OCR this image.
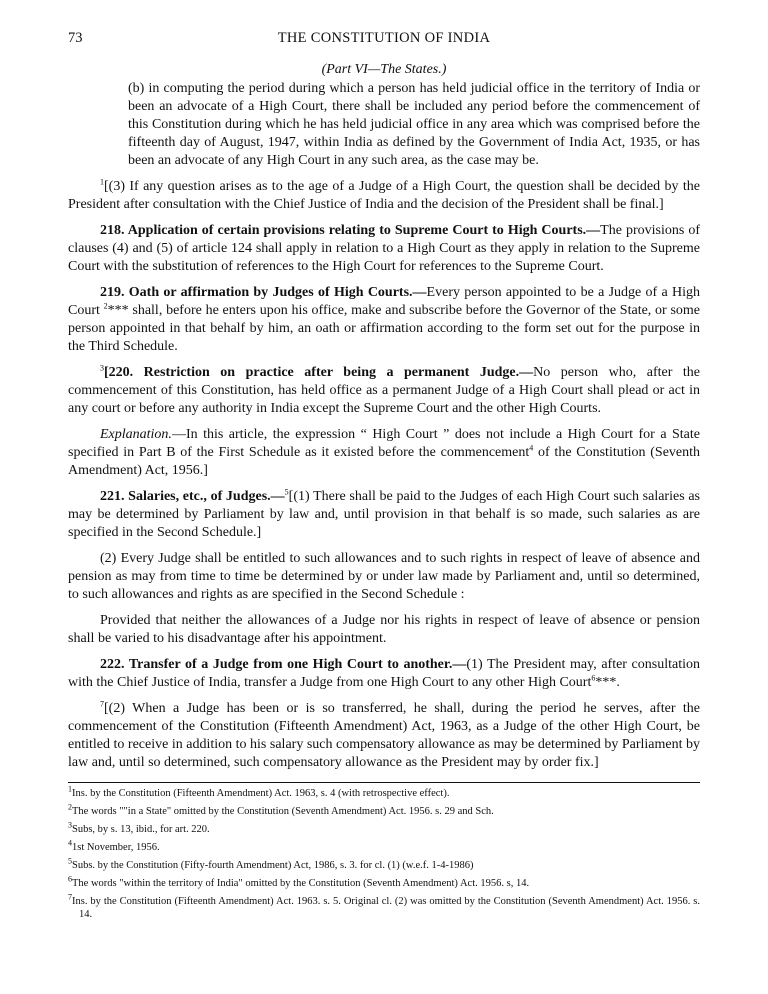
73	THE CONSTITUTION OF INDIA
(Part VI—The States.)

(b) in computing the period during which a person has held judicial office in the territory of India or been an advocate of a High Court, there shall be included any period before the commencement of this Constitution during which he has held judicial office in any area which was comprised before the fifteenth day of August, 1947, within India as defined by the Government of India Act, 1935, or has been an advocate of any High Court in any such area, as the case may be.

$^1$[(3) If any question arises as to the age of a Judge of a High Court, the question shall be decided by the President after consultation with the Chief Justice of India and the decision of the President shall be final.]

218. Application of certain provisions relating to Supreme Court to High Courts.—The provisions of clauses (4) and (5) of article 124 shall apply in relation to a High Court as they apply in relation to the Supreme Court with the substitution of references to the High Court for references to the Supreme Court.

219. Oath or affirmation by Judges of High Courts.—Every person appointed to be a Judge of a High Court $^2$*** shall, before he enters upon his office, make and subscribe before the Governor of the State, or some person appointed in that behalf by him, an oath or affirmation according to the form set out for the purpose in the Third Schedule.

$^3$[220. Restriction on practice after being a permanent Judge.—No person who, after the commencement of this Constitution, has held office as a permanent Judge of a High Court shall plead or act in any court or before any authority in India except the Supreme Court and the other High Courts.

Explanation.—In this article, the expression “ High Court ” does not include a High Court for a State specified in Part B of the First Schedule as it existed before the commencement$^4$ of the Constitution (Seventh Amendment) Act, 1956.]

221. Salaries, etc., of Judges.—$^5$[(1) There shall be paid to the Judges of each High Court such salaries as may be determined by Parliament by law and, until provision in that behalf is so made, such salaries as are specified in the Second Schedule.]

(2) Every Judge shall be entitled to such allowances and to such rights in respect of leave of absence and pension as may from time to time be determined by or under law made by Parliament and, until so determined, to such allowances and rights as are specified in the Second Schedule :

Provided that neither the allowances of a Judge nor his rights in respect of leave of absence or pension shall be varied to his disadvantage after his appointment.

222. Transfer of a Judge from one High Court to another.—(1) The President may, after consultation with the Chief Justice of India, transfer a Judge from one High Court to any other High Court$^6$***.

$^7$[(2) When a Judge has been or is so transferred, he shall, during the period he serves, after the commencement of the Constitution (Fifteenth Amendment) Act, 1963, as a Judge of the other High Court, be entitled to receive in addition to his salary such compensatory allowance as may be determined by Parliament by law and, until so determined, such compensatory allowance as the President may by order fix.]

$^1$Ins. by the Constitution (Fifteenth Amendment) Act. 1963, s. 4 (with retrospective effect).

$^2$The words ""in a State" omitted by the Constitution (Seventh Amendment) Act. 1956. s. 29 and Sch.

$^3$Subs, by s. 13, ibid., for art. 220.

$^4$1st November, 1956.

$^5$Subs. by the Constitution (Fifty-fourth Amendment) Act, 1986, s. 3. for cl. (1) (w.e.f. 1-4-1986)

$^6$The words "within the territory of India" omitted by the Constitution (Seventh Amendment) Act. 1956. s, 14.

$^7$Ins. by the Constitution (Fifteenth Amendment) Act. 1963. s. 5. Original cl. (2) was omitted by the Constitution (Seventh Amendment) Act. 1956. s. 14.
